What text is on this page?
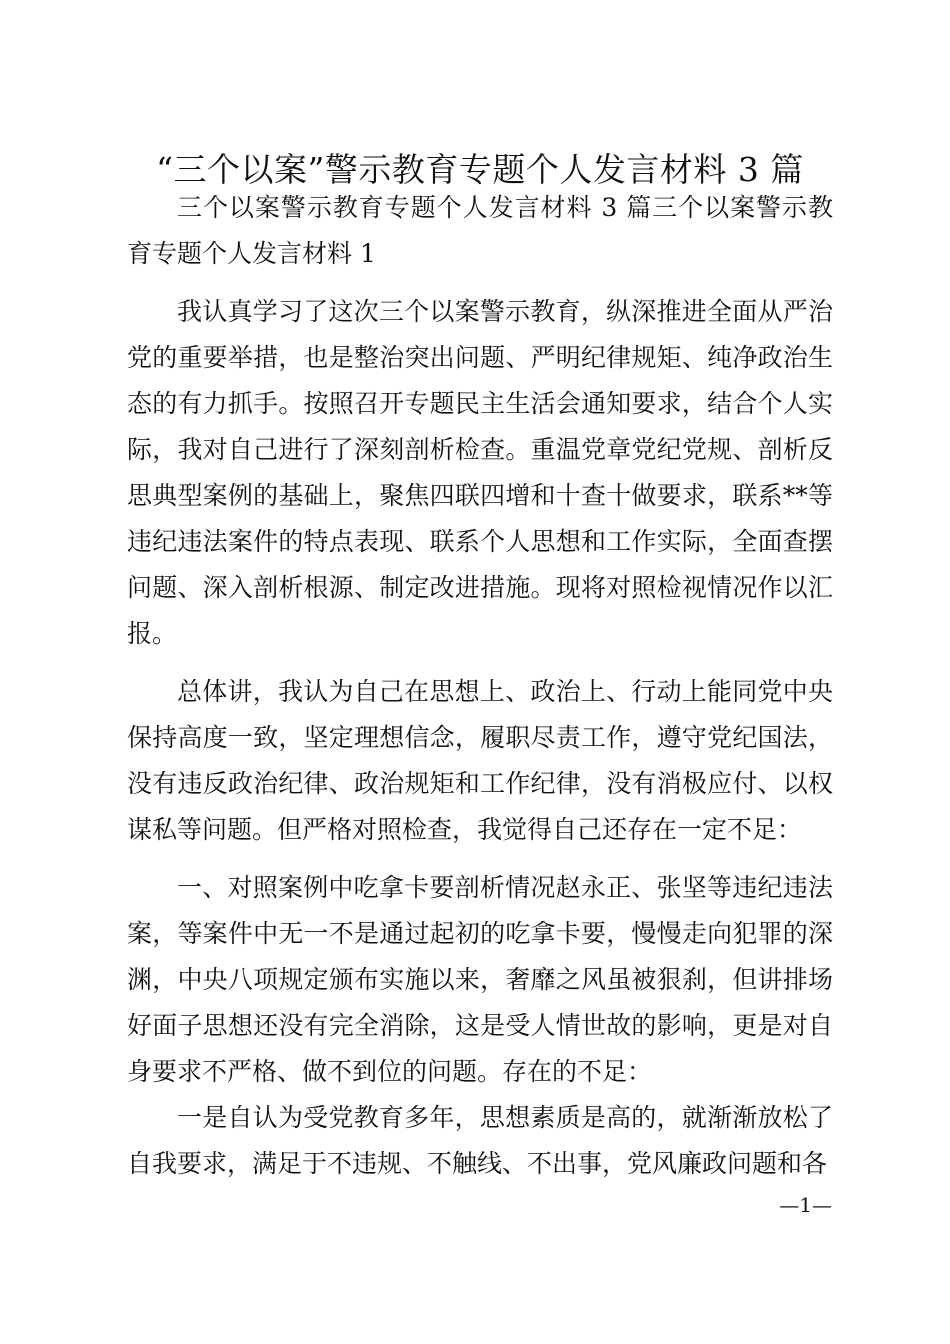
“三个以案”警示教育专题个人发言材料 3 篇

三个以案警示教育专题个人发言材料 3 篇三个以案警示教育专题个人发言材料 1

我认真学习了这次三个以案警示教育，纵深推进全面从严治党的重要举措，也是整治突出问题、严明纪律规矩、纯净政治生态的有力抓手。按照召开专题民主生活会通知要求，结合个人实际，我对自己进行了深刻剖析检查。重温党章党纪党规、剖析反思典型案例的基础上，聚焦四联四增和十查十做要求，联系**等违纪违法案件的特点表现、联系个人思想和工作实际，全面查摆问题、深入剖析根源、制定改进措施。现将对照检视情况作以汇报。

总体讲，我认为自己在思想上、政治上、行动上能同党中央保持高度一致，坚定理想信念，履职尽责工作，遵守党纪国法，没有违反政治纪律、政治规矩和工作纪律，没有消极应付、以权谋私等问题。但严格对照检查，我觉得自己还存在一定不足：

一、对照案例中吃拿卡要剖析情况赵永正、张坚等违纪违法案，等案件中无一不是通过起初的吃拿卡要，慢慢走向犯罪的深渊，中央八项规定颁布实施以来，奢靡之风虽被狠刹，但讲排场好面子思想还没有完全消除，这是受人情世故的影响，更是对自身要求不严格、做不到位的问题。存在的不足：

一是自认为受党教育多年，思想素质是高的，就渐渐放松了自我要求，满足于不违规、不触线、不出事，党风廉政问题和各

—1—
